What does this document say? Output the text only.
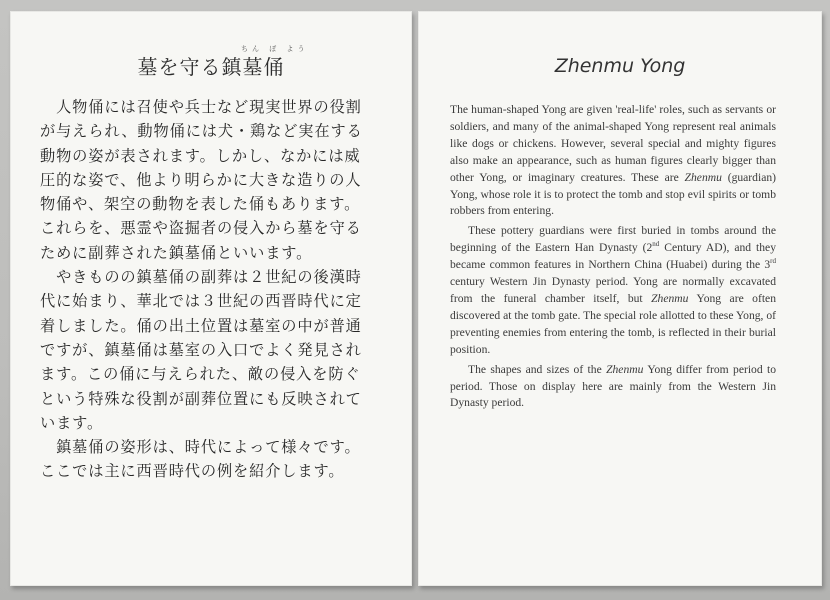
ちん ぼ よう
墓を守る鎮墓俑
　人物俑には召使や兵士など現実世界の役割
が与えられ、動物俑には犬・鶏など実在する
動物の姿が表されます。しかし、なかには威
圧的な姿で、他より明らかに大きな造りの人
物俑や、架空の動物を表した俑もあります。
これらを、悪霊や盗掘者の侵入から墓を守る
ために副葬された鎮墓俑といいます。
　やきものの鎮墓俑の副葬は２世紀の後漢時
代に始まり、華北では３世紀の西晋時代に定
着しました。俑の出土位置は墓室の中が普通
ですが、鎮墓俑は墓室の入口でよく発見され
ます。この俑に与えられた、敵の侵入を防ぐ
という特殊な役割が副葬位置にも反映されて
います。
　鎮墓俑の姿形は、時代によって様々です。
ここでは主に西晋時代の例を紹介します。
Zhenmu Yong

The human-shaped Yong are given 'real-life' roles, such as servants or soldiers, and many of the animal-shaped Yong represent real animals like dogs or chickens. However, several special and mighty figures also make an appearance, such as human figures clearly bigger than other Yong, or imaginary creatures. These are Zhenmu (guardian) Yong, whose role it is to protect the tomb and stop evil spirits or tomb robbers from entering.

These pottery guardians were first buried in tombs around the beginning of the Eastern Han Dynasty (2nd Century AD), and they became common features in Northern China (Huabei) during the 3rd century Western Jin Dynasty period. Yong are normally excavated from the funeral chamber itself, but Zhenmu Yong are often discovered at the tomb gate. The special role allotted to these Yong, of preventing enemies from entering the tomb, is reflected in their burial position.

The shapes and sizes of the Zhenmu Yong differ from period to period. Those on display here are mainly from the Western Jin Dynasty period.
